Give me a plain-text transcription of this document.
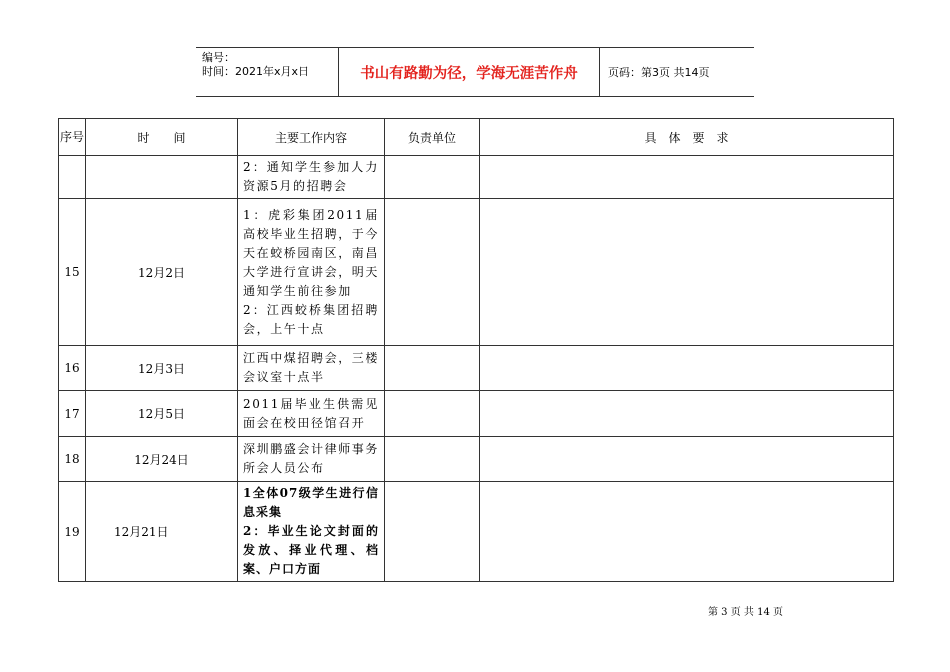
编号：
时间：2021年x月x日	书山有路勤为径，学海无涯苦作舟	页码：第3页 共14页
序号	时　　间	主要工作内容	负责单位	具　体　要　求
		2：通知学生参加人力资源5月的招聘会		
15	12月2日	1：虎彩集团2011届高校毕业生招聘，于今天在蛟桥园南区，南昌大学进行宣讲会，明天通知学生前往参加
2：江西蛟桥集团招聘会，上午十点		
16	12月3日	江西中煤招聘会，三楼会议室十点半		
17	12月5日	2011届毕业生供需见面会在校田径馆召开		
18	12月24日	深圳鹏盛会计律师事务所会人员公布		
19	12月21日	1全体07级学生进行信息采集
2：毕业生论文封面的发放、择业代理、档案、户口方面		
第 3 页 共 14 页
